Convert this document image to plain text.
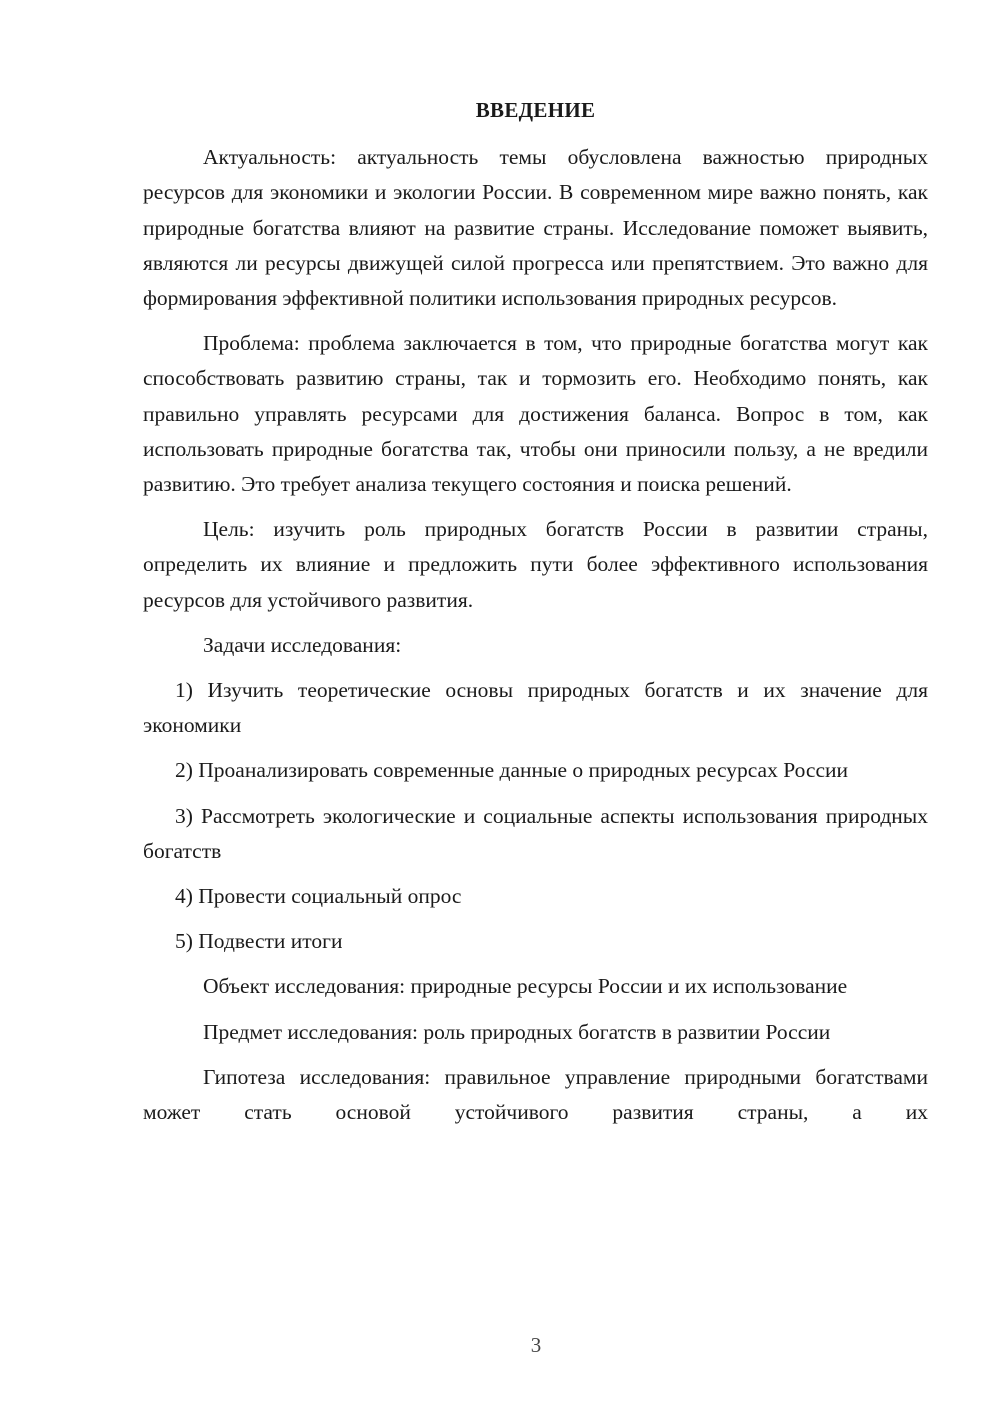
ВВЕДЕНИЕ

Актуальность: актуальность темы обусловлена важностью природных ресурсов для экономики и экологии России. В современном мире важно понять, как природные богатства влияют на развитие страны. Исследование поможет выявить, являются ли ресурсы движущей силой прогресса или препятствием. Это важно для формирования эффективной политики использования природных ресурсов.

Проблема: проблема заключается в том, что природные богатства могут как способствовать развитию страны, так и тормозить его. Необходимо понять, как правильно управлять ресурсами для достижения баланса. Вопрос в том, как использовать природные богатства так, чтобы они приносили пользу, а не вредили развитию. Это требует анализа текущего состояния и поиска решений.

Цель: изучить роль природных богатств России в развитии страны, определить их влияние и предложить пути более эффективного использования ресурсов для устойчивого развития.

Задачи исследования:

1) Изучить теоретические основы природных богатств и их значение для экономики

2) Проанализировать современные данные о природных ресурсах России

3) Рассмотреть экологические и социальные аспекты использования природных богатств

4) Провести социальный опрос

5) Подвести итоги

Объект исследования: природные ресурсы России и их использование

Предмет исследования: роль природных богатств в развитии России

Гипотеза исследования: правильное управление природными богатствами может стать основой устойчивого развития страны, а их

3
